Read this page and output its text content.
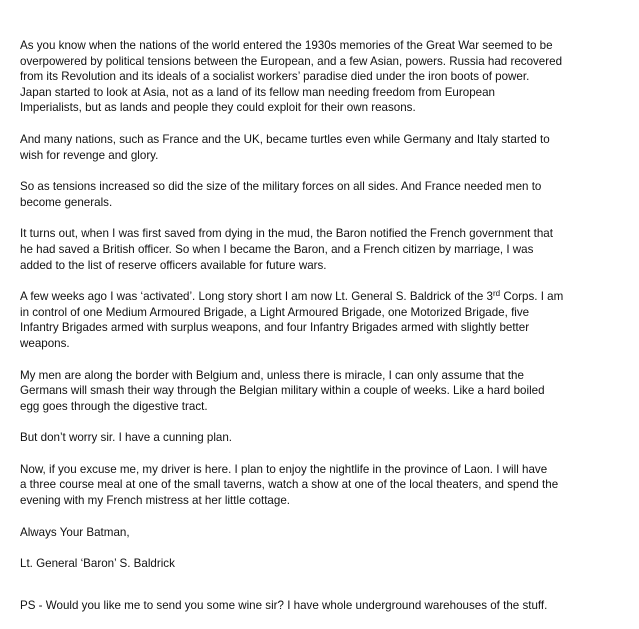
As you know when the nations of the world entered the 1930s memories of the Great War seemed to be
overpowered by political tensions between the European, and a few Asian, powers. Russia had recovered
from its Revolution and its ideals of a socialist workers’ paradise died under the iron boots of power.
Japan started to look at Asia, not as a land of its fellow man needing freedom from European
Imperialists, but as lands and people they could exploit for their own reasons.

And many nations, such as France and the UK, became turtles even while Germany and Italy started to
wish for revenge and glory.

So as tensions increased so did the size of the military forces on all sides. And France needed men to
become generals.

It turns out, when I was first saved from dying in the mud, the Baron notified the French government that
he had saved a British officer. So when I became the Baron, and a French citizen by marriage, I was
added to the list of reserve officers available for future wars.

A few weeks ago I was ‘activated’. Long story short I am now Lt. General S. Baldrick of the 3rd Corps. I am
in control of one Medium Armoured Brigade, a Light Armoured Brigade, one Motorized Brigade, five
Infantry Brigades armed with surplus weapons, and four Infantry Brigades armed with slightly better
weapons.

My men are along the border with Belgium and, unless there is miracle, I can only assume that the
Germans will smash their way through the Belgian military within a couple of weeks. Like a hard boiled
egg goes through the digestive tract.

But don’t worry sir. I have a cunning plan.

Now, if you excuse me, my driver is here. I plan to enjoy the nightlife in the province of Laon. I will have
a three course meal at one of the small taverns, watch a show at one of the local theaters, and spend the
evening with my French mistress at her little cottage.

Always Your Batman,

Lt. General ‘Baron’ S. Baldrick

PS - Would you like me to send you some wine sir? I have whole underground warehouses of the stuff.
